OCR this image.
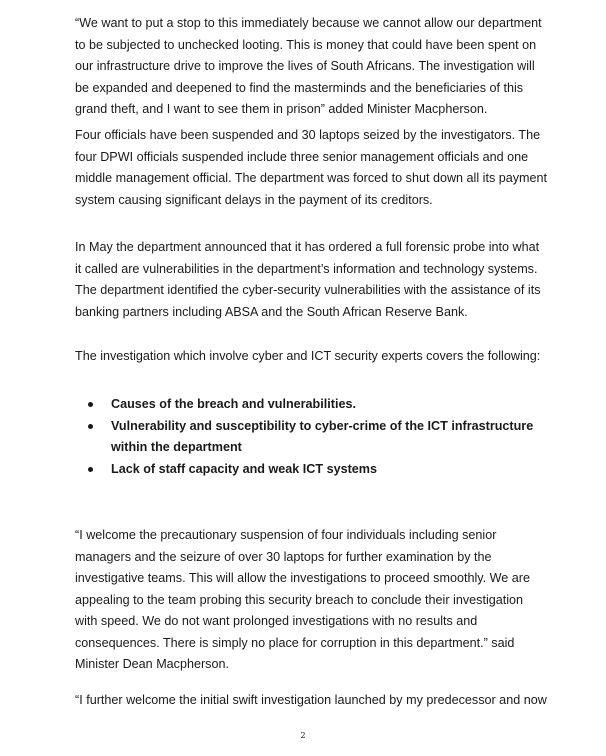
“We want to put a stop to this immediately because we cannot allow our department
to be subjected to unchecked looting. This is money that could have been spent on
our infrastructure drive to improve the lives of South Africans. The investigation will
be expanded and deepened to find the masterminds and the beneficiaries of this
grand theft, and I want to see them in prison” added Minister Macpherson.

Four officials have been suspended and 30 laptops seized by the investigators. The
four DPWI officials suspended include three senior management officials and one
middle management official. The department was forced to shut down all its payment
system causing significant delays in the payment of its creditors.

In May the department announced that it has ordered a full forensic probe into what
it called are vulnerabilities in the department’s information and technology systems.
The department identified the cyber-security vulnerabilities with the assistance of its
banking partners including ABSA and the South African Reserve Bank.

The investigation which involve cyber and ICT security experts covers the following:

Causes of the breach and vulnerabilities.
Vulnerability and susceptibility to cyber-crime of the ICT infrastructure
within the department
Lack of staff capacity and weak ICT systems

“I welcome the precautionary suspension of four individuals including senior
managers and the seizure of over 30 laptops for further examination by the
investigative teams. This will allow the investigations to proceed smoothly. We are
appealing to the team probing this security breach to conclude their investigation
with speed. We do not want prolonged investigations with no results and
consequences. There is simply no place for corruption in this department.” said
Minister Dean Macpherson.

“I further welcome the initial swift investigation launched by my predecessor and now

2
